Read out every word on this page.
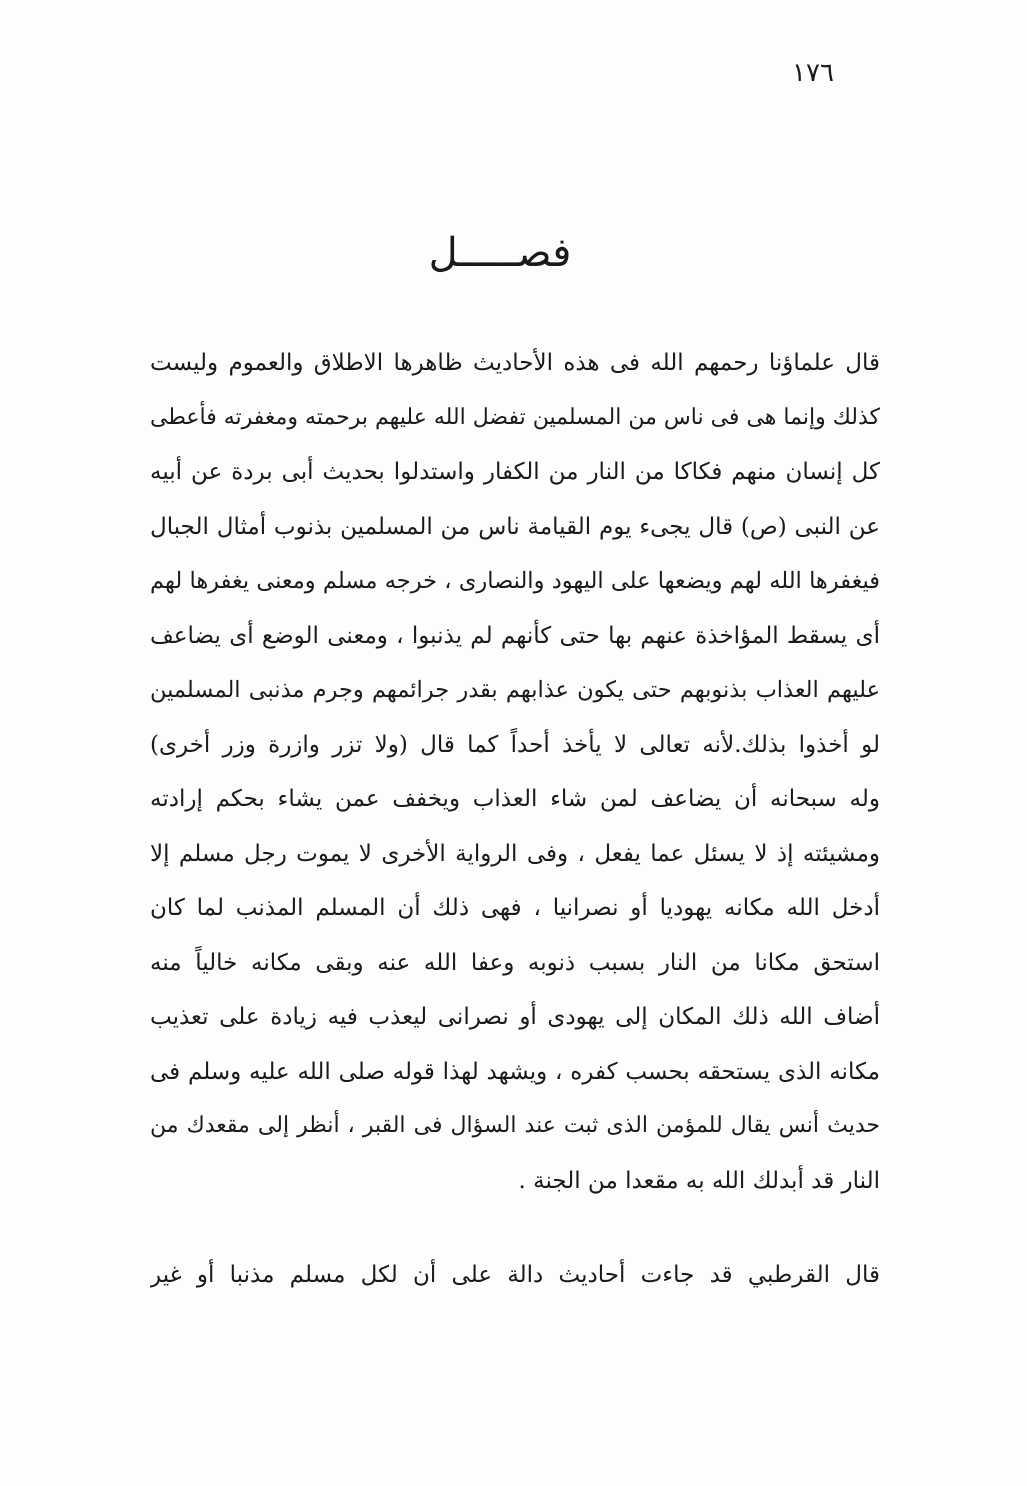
١٧٦
فصـــــل
قال علماؤنا رحمهم الله فى هذه الأحاديث ظاهرها الاطلاق والعموم وليست
كذلك وإنما هى فى ناس من المسلمين تفضل الله عليهم برحمته ومغفرته فأعطى
كل إنسان منهم فكاكا من النار من الكفار واستدلوا بحديث أبى بردة عن أبيه
عن النبى (ص) قال يجىء يوم القيامة ناس من المسلمين بذنوب أمثال الجبال
فيغفرها الله لهم ويضعها على اليهود والنصارى ، خرجه مسلم ومعنى يغفرها لهم
أى يسقط المؤاخذة عنهم بها حتى كأنهم لم يذنبوا ، ومعنى الوضع أى يضاعف
عليهم العذاب بذنوبهم حتى يكون عذابهم بقدر جرائمهم وجرم مذنبى المسلمين
لو أخذوا بذلك.لأنه تعالى لا يأخذ أحداً كما قال (ولا تزر وازرة وزر أخرى)
وله سبحانه أن يضاعف لمن شاء العذاب ويخفف عمن يشاء بحكم إرادته
ومشيئته إذ لا يسئل عما يفعل ، وفى الرواية الأخرى لا يموت رجل مسلم إلا
أدخل الله مكانه يهوديا أو نصرانيا ، فهى ذلك أن المسلم المذنب لما كان
استحق مكانا من النار بسبب ذنوبه وعفا الله عنه وبقى مكانه خالياً منه
أضاف الله ذلك المكان إلى يهودى أو نصرانى ليعذب فيه زيادة على تعذيب
مكانه الذى يستحقه بحسب كفره ، ويشهد لهذا قوله صلى الله عليه وسلم فى
حديث أنس يقال للمؤمن الذى ثبت عند السؤال فى القبر ، أنظر إلى مقعدك من
النار قد أبدلك الله به مقعدا من الجنة .
قال القرطبي قد جاءت أحاديث دالة على أن لكل مسلم مذنبا أو غير
